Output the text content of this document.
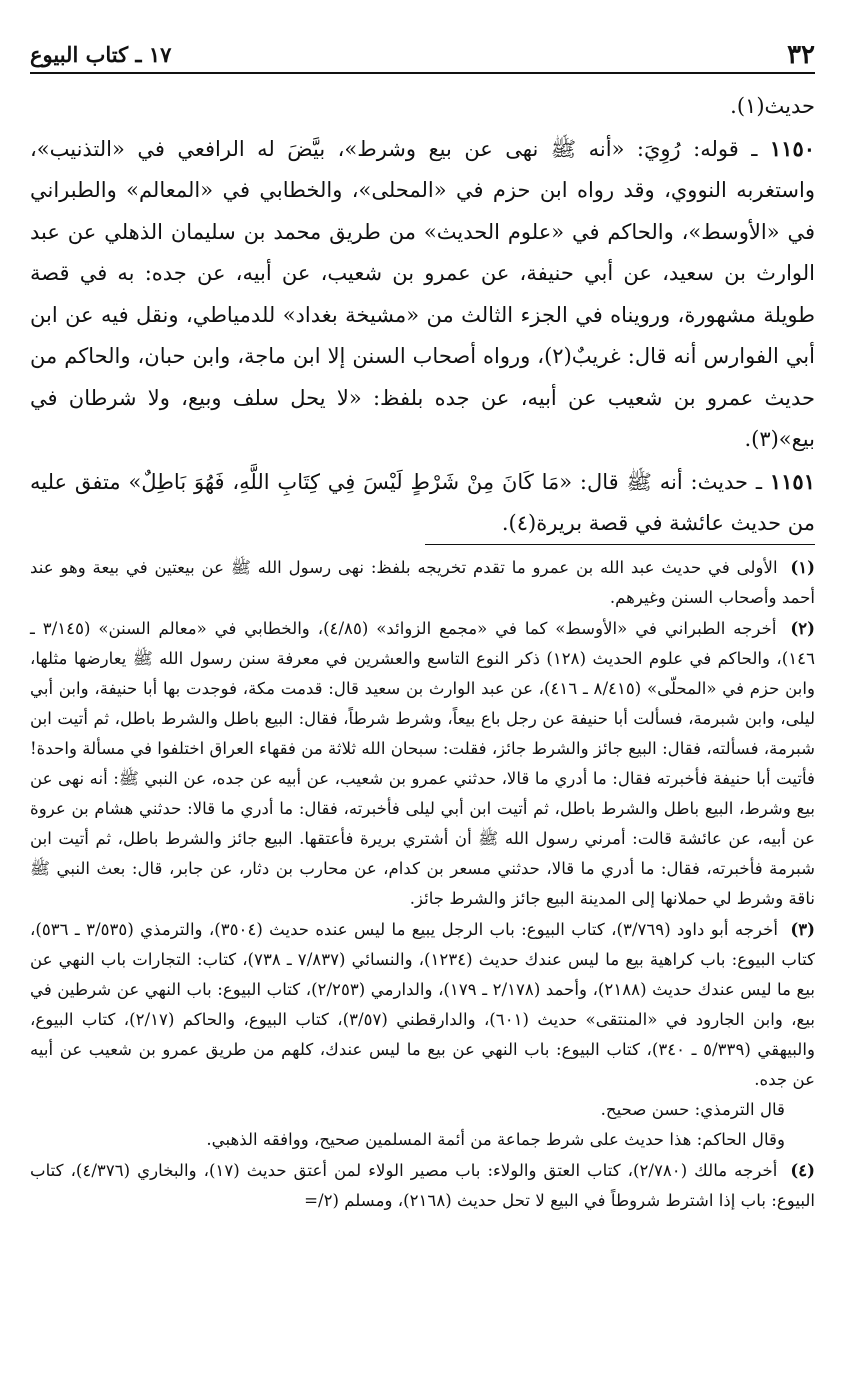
٣٢
١٧ ـ كتاب البيوع

حديث(١).

١١٥٠ ـ قوله: رُوِيَ: «أنه ﷺ نهى عن بيع وشرط»، بيَّضَ له الرافعي في «التذنيب»، واستغربه النووي، وقد رواه ابن حزم في «المحلى»، والخطابي في «المعالم» والطبراني في «الأوسط»، والحاكم في «علوم الحديث» من طريق محمد بن سليمان الذهلي عن عبد الوارث بن سعيد، عن أبي حنيفة، عن عمرو بن شعيب، عن أبيه، عن جده: به في قصة طويلة مشهورة، ورويناه في الجزء الثالث من «مشيخة بغداد» للدمياطي، ونقل فيه عن ابن أبي الفوارس أنه قال: غريبٌ(٢)، ورواه أصحاب السنن إلا ابن ماجة، وابن حبان، والحاكم من حديث عمرو بن شعيب عن أبيه، عن جده بلفظ: «لا يحل سلف وبيع، ولا شرطان في بيع»(٣).

١١٥١ ـ حديث: أنه ﷺ قال: «مَا كَانَ مِنْ شَرْطٍ لَيْسَ فِي كِتَابِ اللَّهِ، فَهُوَ بَاطِلٌ» متفق عليه من حديث عائشة في قصة بريرة(٤).

(١) الأولى في حديث عبد الله بن عمرو ما تقدم تخريجه بلفظ: نهى رسول الله ﷺ عن بيعتين في بيعة وهو عند أحمد وأصحاب السنن وغيرهم.

(٢) أخرجه الطبراني في «الأوسط» كما في «مجمع الزوائد» (٤/٨٥)، والخطابي في «معالم السنن» (٣/١٤٥ ـ ١٤٦)، والحاكم في علوم الحديث (١٢٨) ذكر النوع التاسع والعشرين في معرفة سنن رسول الله ﷺ يعارضها مثلها، وابن حزم في «المحلّى» (٨/٤١٥ ـ ٤١٦)، عن عبد الوارث بن سعيد قال: قدمت مكة، فوجدت بها أبا حنيفة، وابن أبي ليلى، وابن شبرمة، فسألت أبا حنيفة عن رجل باع بيعاً، وشرط شرطاً، فقال: البيع باطل والشرط باطل، ثم أتيت ابن شبرمة، فسألته، فقال: البيع جائز والشرط جائز، فقلت: سبحان الله ثلاثة من فقهاء العراق اختلفوا في مسألة واحدة! فأتيت أبا حنيفة فأخبرته فقال: ما أدري ما قالا، حدثني عمرو بن شعيب، عن أبيه عن جده، عن النبي ﷺ: أنه نهى عن بيع وشرط، البيع باطل والشرط باطل، ثم أتيت ابن أبي ليلى فأخبرته، فقال: ما أدري ما قالا: حدثني هشام بن عروة عن أبيه، عن عائشة قالت: أمرني رسول الله ﷺ أن أشتري بريرة فأعتقها. البيع جائز والشرط باطل، ثم أتيت ابن شبرمة فأخبرته، فقال: ما أدري ما قالا، حدثني مسعر بن كدام، عن محارب بن دثار، عن جابر، قال: بعث النبي ﷺ ناقة وشرط لي حملانها إلى المدينة البيع جائز والشرط جائز.

(٣) أخرجه أبو داود (٣/٧٦٩)، كتاب البيوع: باب الرجل يبيع ما ليس عنده حديث (٣٥٠٤)، والترمذي (٣/٥٣٥ ـ ٥٣٦)، كتاب البيوع: باب كراهية بيع ما ليس عندك حديث (١٢٣٤)، والنسائي (٧/٨٣٧ ـ ٧٣٨)، كتاب: التجارات باب النهي عن بيع ما ليس عندك حديث (٢١٨٨)، وأحمد (٢/١٧٨ ـ ١٧٩)، والدارمي (٢/٢٥٣)، كتاب البيوع: باب النهي عن شرطين في بيع، وابن الجارود في «المنتقى» حديث (٦٠١)، والدارقطني (٣/٥٧)، كتاب البيوع، والحاكم (٢/١٧)، كتاب البيوع، والبيهقي (٥/٣٣٩ ـ ٣٤٠)، كتاب البيوع: باب النهي عن بيع ما ليس عندك، كلهم من طريق عمرو بن شعيب عن أبيه عن جده.

قال الترمذي: حسن صحيح.

وقال الحاكم: هذا حديث على شرط جماعة من أئمة المسلمين صحيح، ووافقه الذهبي.

(٤) أخرجه مالك (٢/٧٨٠)، كتاب العتق والولاء: باب مصير الولاء لمن أعتق حديث (١٧)، والبخاري (٤/٣٧٦)، كتاب البيوع: باب إذا اشترط شروطاً في البيع لا تحل حديث (٢١٦٨)، ومسلم (٢/=
